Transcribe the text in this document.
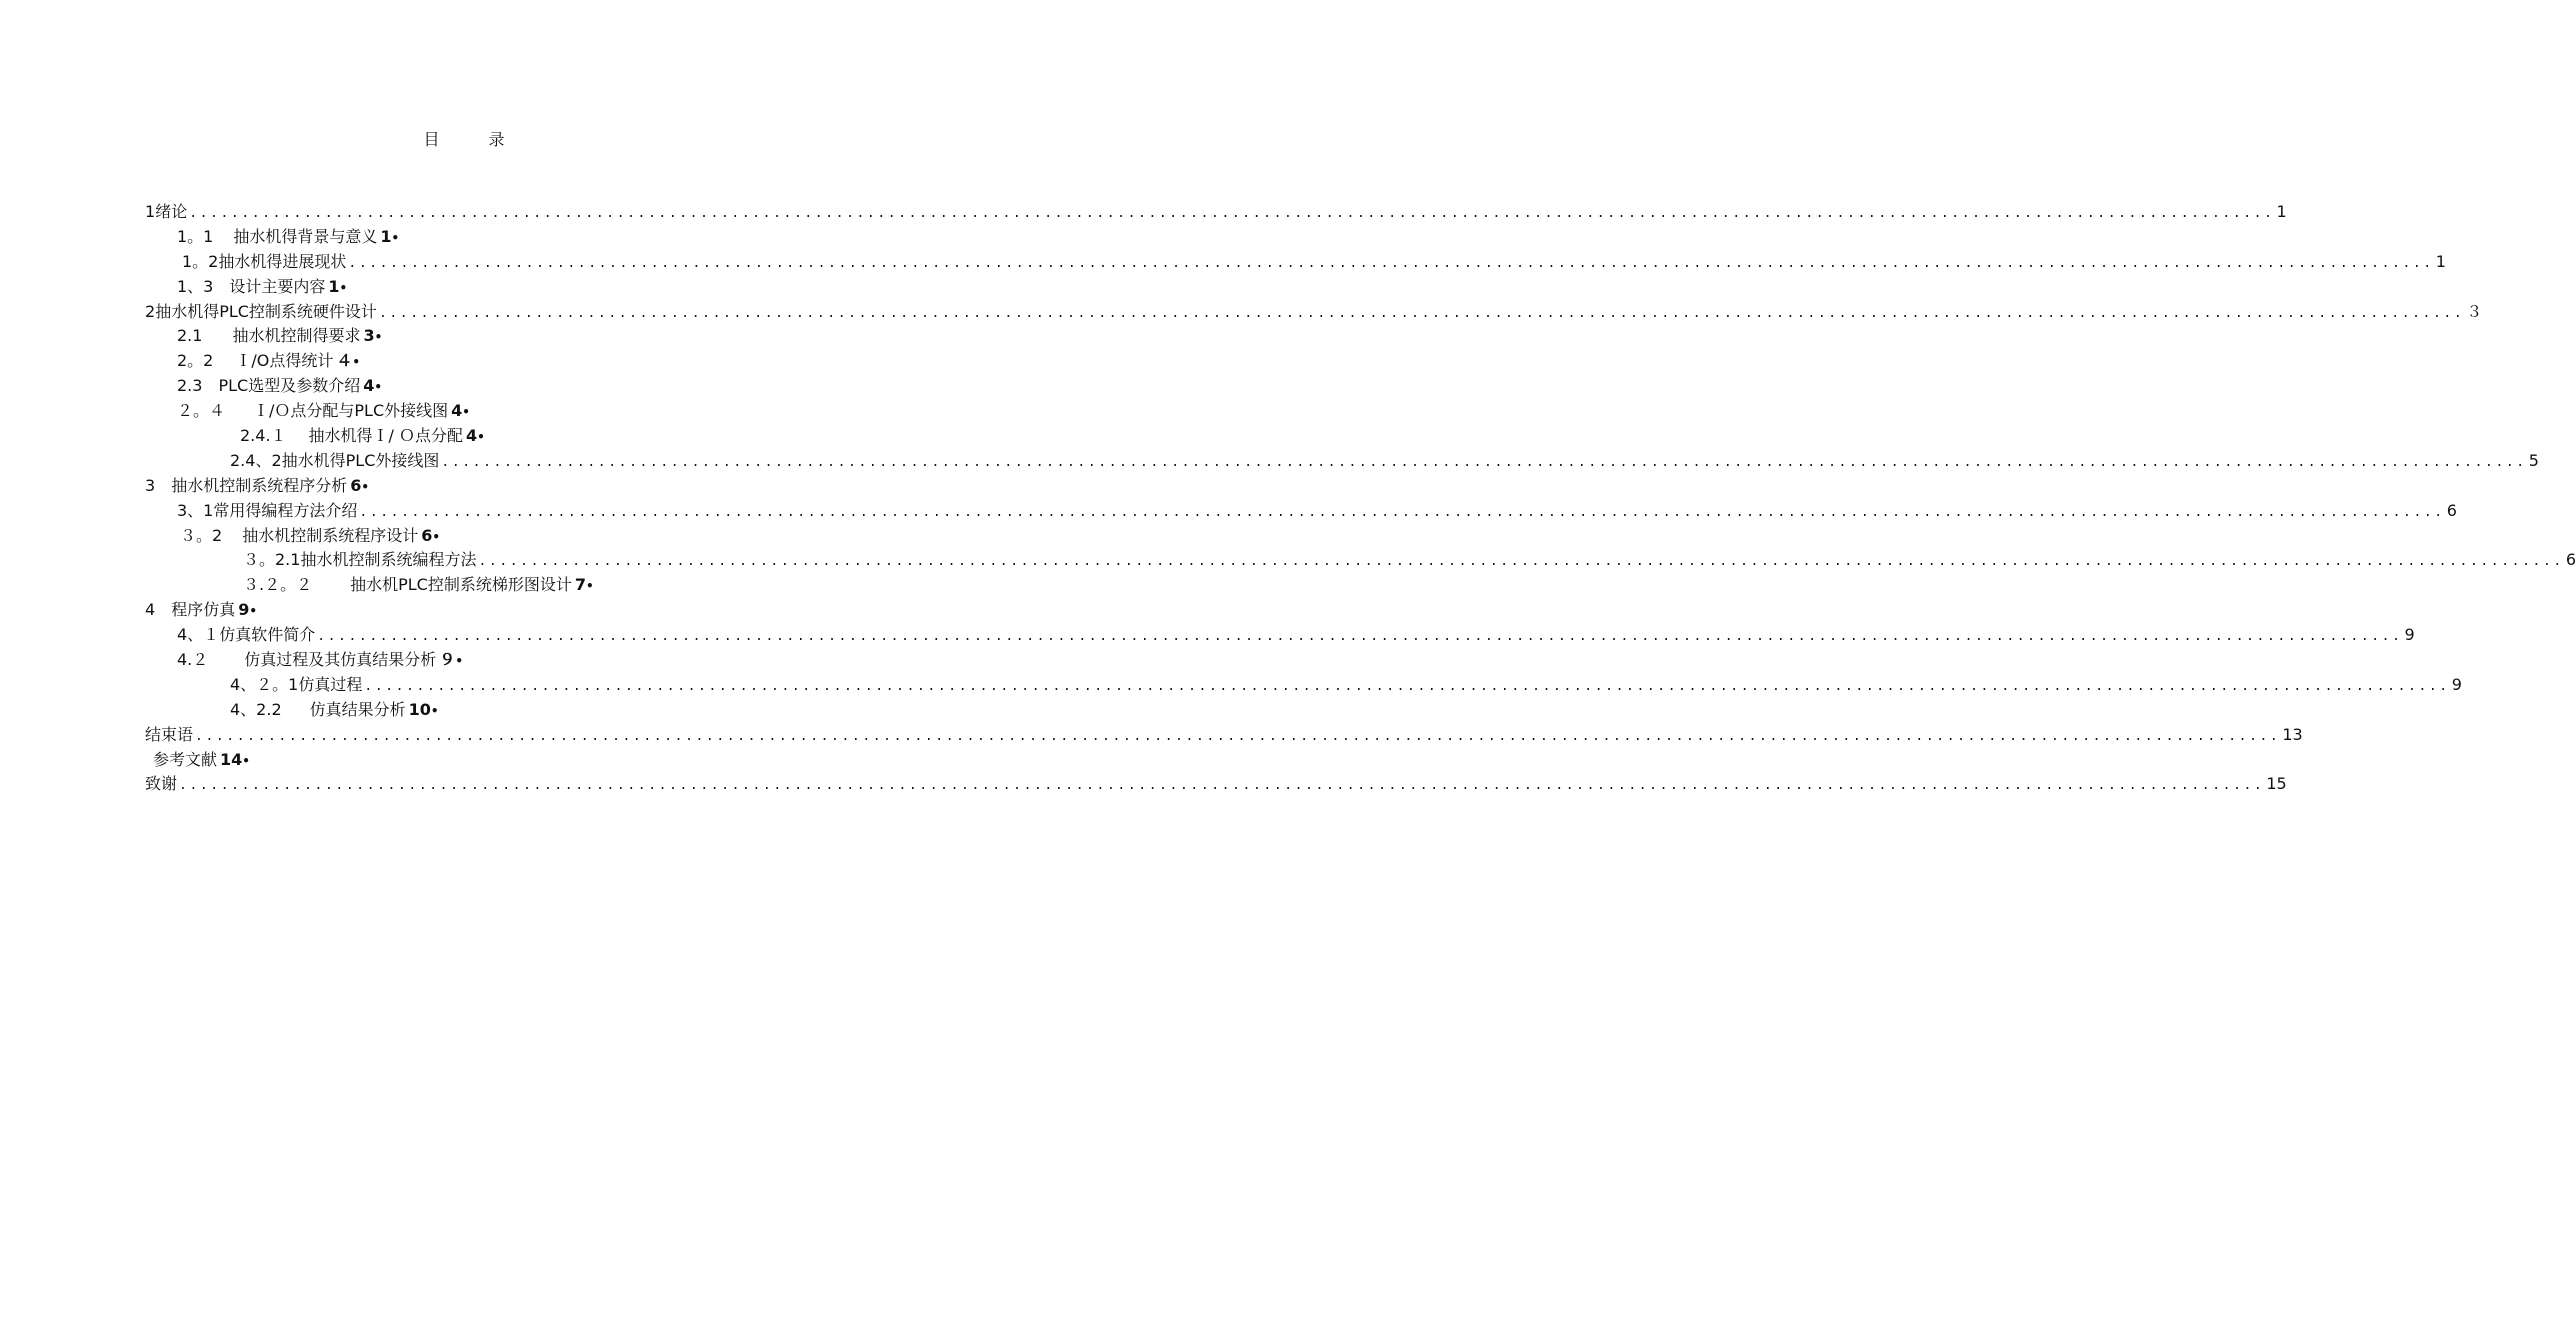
目 录
1 绪论 ........................................................................................................................................................................................................ 1
1。1 抽水机得背景与意义 1 •
1。2 抽水机得进展现状 ........................................................................................................................................................................................................ 1
1、3 设计主要内容 1 •
2 抽水机得PLC控制系统硬件设计 ........................................................................................................................................................................................................ ３
2.1 抽水机控制得要求 3 •
2。2 Ｉ/O点得统计 ４ •
2.3 PLC选型及参数介绍 4 •
２。４ Ｉ/Ｏ点分配与PLC外接线图 4 •
2.4.１ 抽水机得Ｉ/ Ｏ点分配 4 •
2.4、2 抽水机得PLC外接线图 ........................................................................................................................................................................................................ 5
3 抽水机控制系统程序分析 6 •
3、1 常用得编程方法介绍 ........................................................................................................................................................................................................ 6
３。2 抽水机控制系统程序设计 6 •
３。2.1 抽水机控制系统编程方法 ........................................................................................................................................................................................................ 6
３.２。２ 抽水机PLC控制系统梯形图设计 7 •
4 程序仿真 9 •
4、１ 仿真软件简介 ........................................................................................................................................................................................................ 9
4.２ 仿真过程及其仿真结果分析 ９ •
4、２。1 仿真过程 ........................................................................................................................................................................................................ 9
4、2.2 仿真结果分析 10 •
结束语 ........................................................................................................................................................................................................ 13
参考文献 14 •
致谢 ........................................................................................................................................................................................................ 15
